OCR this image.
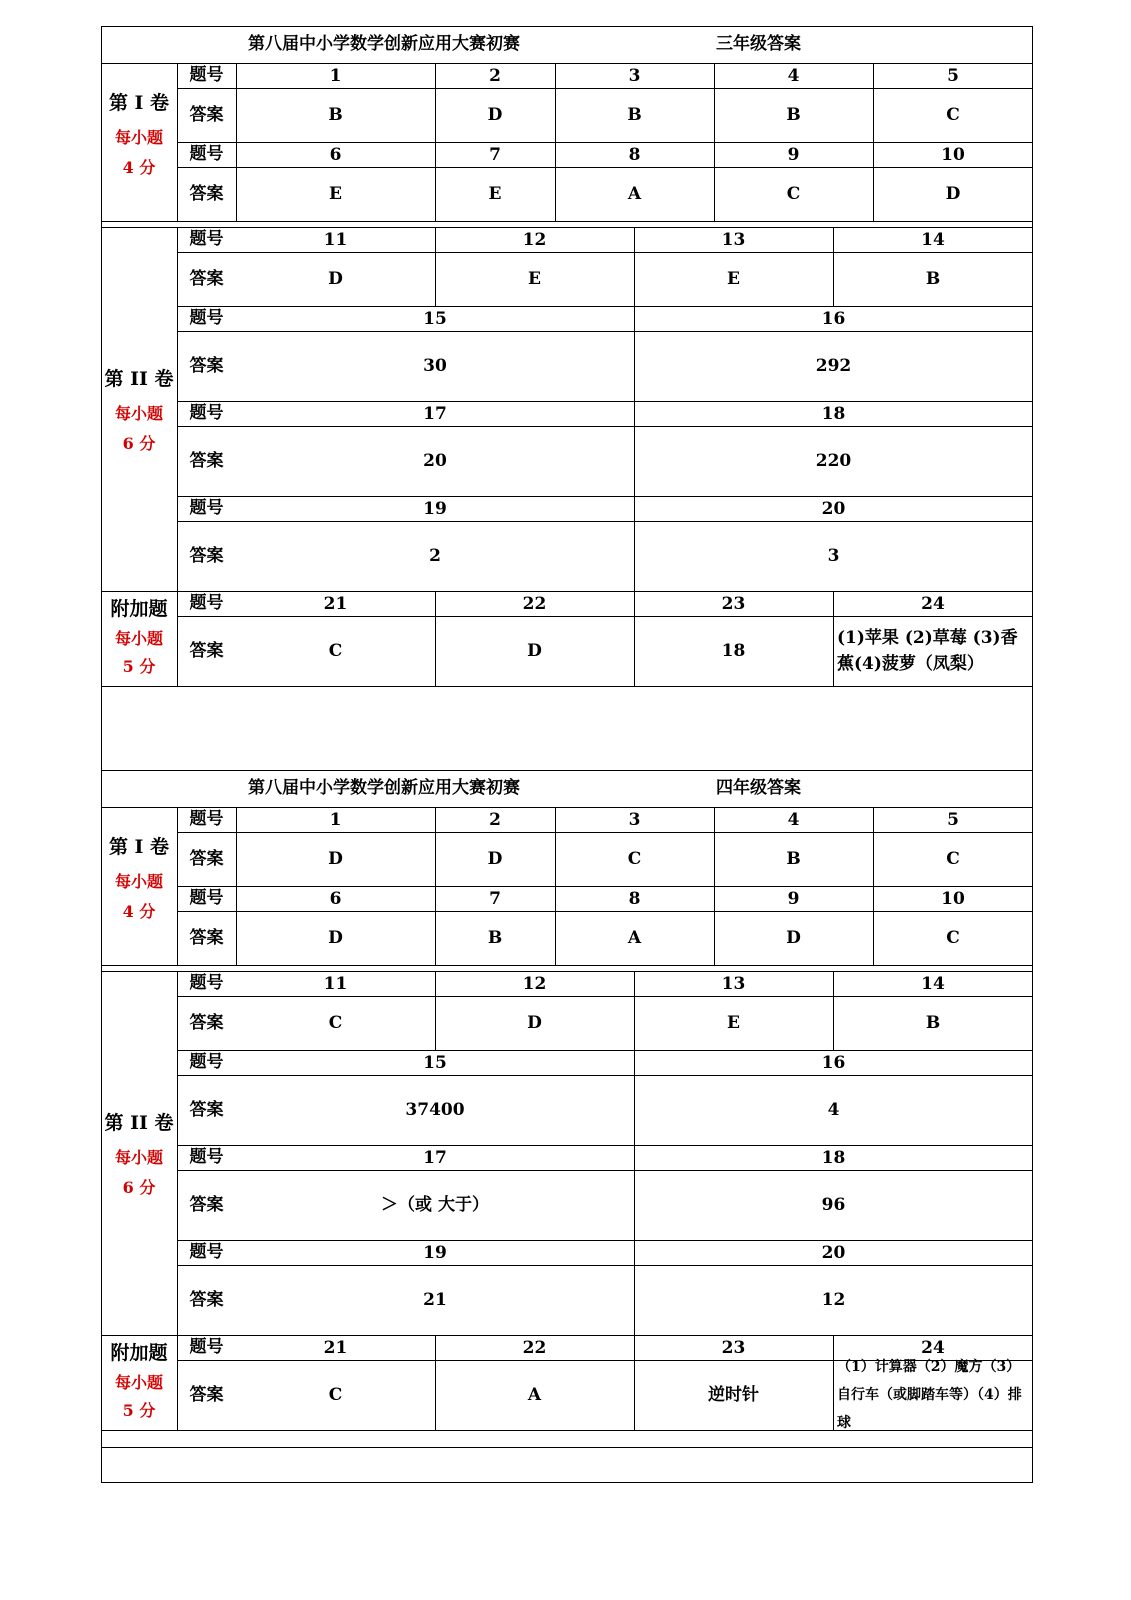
第八届中小学数学创新应用大赛初赛	三年级答案
第 I 卷
每小题
4 分
题号
答案
1
B
2
D
3
B
4
B
5
C
题号
答案
6
E
7
E
8
A
9
C
10
D
第 II 卷
每小题
6 分
题号
答案
11
D
12
E
13
E
14
B
题号
答案
15
30
16
292
题号
答案
17
20
18
220
题号
答案
19
2
20
3
附加题
每小题
5 分
题号
答案
21
C
22
D
23
18
24
(1)苹果 (2)草莓 (3)香蕉(4)菠萝（凤梨）
第八届中小学数学创新应用大赛初赛	四年级答案
第 I 卷
每小题
4 分
题号
答案
1
D
2
D
3
C
4
B
5
C
题号
答案
6
D
7
B
8
A
9
D
10
C
第 II 卷
每小题
6 分
题号
答案
11
C
12
D
13
E
14
B
题号
答案
15
37400
16
4
题号
答案
17
＞（或 大于）
18
96
题号
答案
19
21
20
12
附加题
每小题
5 分
题号
答案
21
C
22
A
23
逆时针
24
（1）计算器（2）魔方（3）自行车（或脚踏车等）（4）排球
